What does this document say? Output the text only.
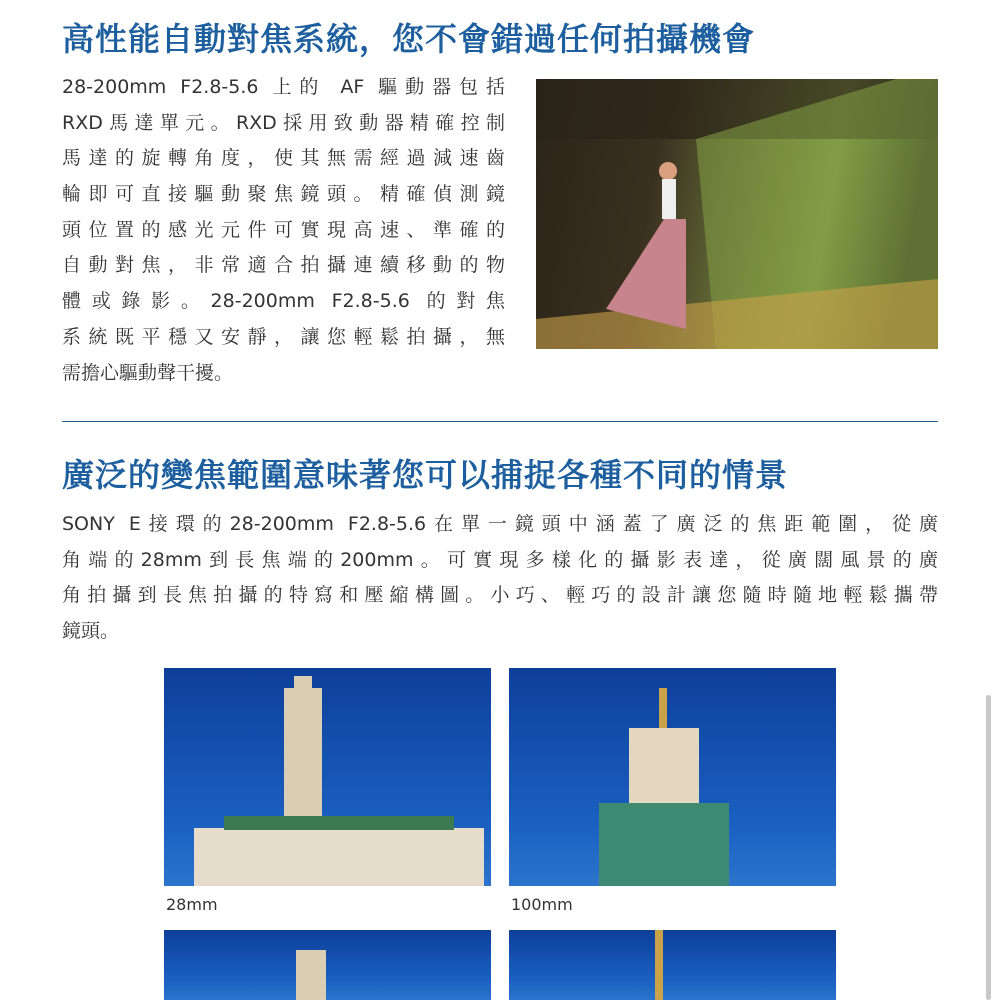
高性能自動對焦系統，您不會錯過任何拍攝機會
28-200mm F2.8-5.6 上的 AF 驅動器包括
RXD馬達單元。RXD採用致動器精確控制
馬達的旋轉角度，使其無需經過減速齒
輪即可直接驅動聚焦鏡頭。精確偵測鏡
頭位置的感光元件可實現高速、準確的
自動對焦，非常適合拍攝連續移動的物
體或錄影。28-200mm F2.8-5.6 的對焦
系統既平穩又安靜，讓您輕鬆拍攝，無
需擔心驅動聲干擾。
廣泛的變焦範圍意味著您可以捕捉各種不同的情景
SONY E接環的28-200mm F2.8-5.6在單一鏡頭中涵蓋了廣泛的焦距範圍，從廣
角端的28mm到長焦端的200mm。可實現多樣化的攝影表達，從廣闊風景的廣
角拍攝到長焦拍攝的特寫和壓縮構圖。小巧、輕巧的設計讓您隨時隨地輕鬆攜帶
鏡頭。
28mm	100mm
